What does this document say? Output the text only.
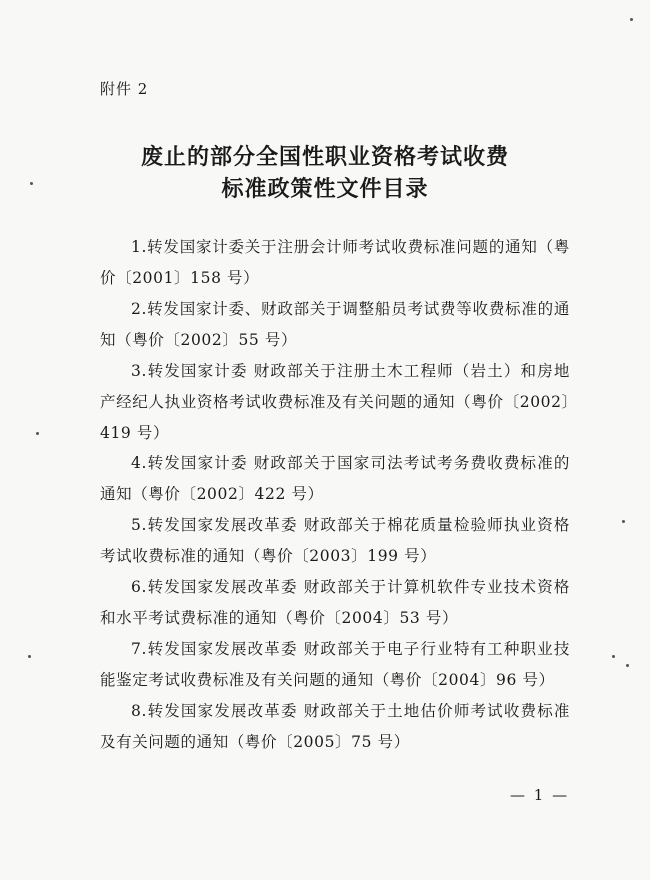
附件 2
废止的部分全国性职业资格考试收费
标准政策性文件目录
1.转发国家计委关于注册会计师考试收费标准问题的通知（粤价〔2001〕158 号）
2.转发国家计委、财政部关于调整船员考试费等收费标准的通知（粤价〔2002〕55 号）
3.转发国家计委 财政部关于注册土木工程师（岩土）和房地产经纪人执业资格考试收费标准及有关问题的通知（粤价〔2002〕419 号）
4.转发国家计委 财政部关于国家司法考试考务费收费标准的通知（粤价〔2002〕422 号）
5.转发国家发展改革委 财政部关于棉花质量检验师执业资格考试收费标准的通知（粤价〔2003〕199 号）
6.转发国家发展改革委 财政部关于计算机软件专业技术资格和水平考试费标准的通知（粤价〔2004〕53 号）
7.转发国家发展改革委 财政部关于电子行业特有工种职业技能鉴定考试收费标准及有关问题的通知（粤价〔2004〕96 号）
8.转发国家发展改革委 财政部关于土地估价师考试收费标准及有关问题的通知（粤价〔2005〕75 号）
— 1 —
